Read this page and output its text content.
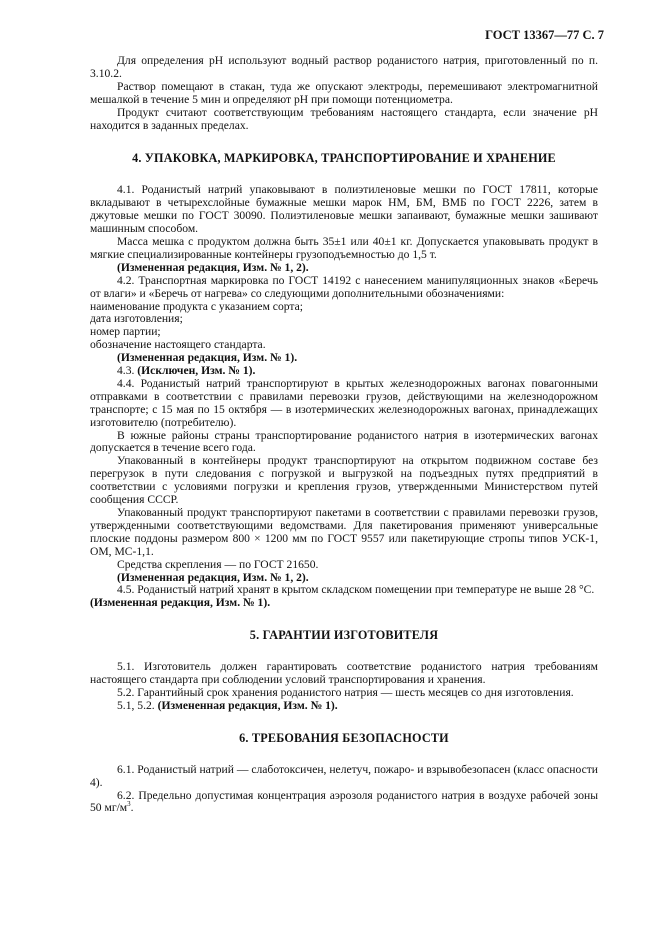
ГОСТ 13367—77 С. 7

Для определения pH используют водный раствор роданистого натрия, приготовленный по п. 3.10.2.

Раствор помещают в стакан, туда же опускают электроды, перемешивают электромагнитной мешалкой в течение 5 мин и определяют pH при помощи потенциометра.

Продукт считают соответствующим требованиям настоящего стандарта, если значение pH находится в заданных пределах.

4. УПАКОВКА, МАРКИРОВКА, ТРАНСПОРТИРОВАНИЕ И ХРАНЕНИЕ

4.1. Роданистый натрий упаковывают в полиэтиленовые мешки по ГОСТ 17811, которые вкладывают в четырехслойные бумажные мешки марок НМ, БМ, ВМБ по ГОСТ 2226, затем в джутовые мешки по ГОСТ 30090. Полиэтиленовые мешки запаивают, бумажные мешки зашивают машинным способом.

Масса мешка с продуктом должна быть 35±1 или 40±1 кг. Допускается упаковывать продукт в мягкие специализированные контейнеры грузоподъемностью до 1,5 т.

(Измененная редакция, Изм. № 1, 2).

4.2. Транспортная маркировка по ГОСТ 14192 с нанесением манипуляционных знаков «Беречь от влаги» и «Беречь от нагрева» со следующими дополнительными обозначениями:

наименование продукта с указанием сорта;

дата изготовления;

номер партии;

обозначение настоящего стандарта.

(Измененная редакция, Изм. № 1).

4.3. (Исключен, Изм. № 1).

4.4. Роданистый натрий транспортируют в крытых железнодорожных вагонах повагонными отправками в соответствии с правилами перевозки грузов, действующими на железнодорожном транспорте; с 15 мая по 15 октября — в изотермических железнодорожных вагонах, принадлежащих изготовителю (потребителю).

В южные районы страны транспортирование роданистого натрия в изотермических вагонах допускается в течение всего года.

Упакованный в контейнеры продукт транспортируют на открытом подвижном составе без перегрузок в пути следования с погрузкой и выгрузкой на подъездных путях предприятий в соответствии с условиями погрузки и крепления грузов, утвержденными Министерством путей сообщения СССР.

Упакованный продукт транспортируют пакетами в соответствии с правилами перевозки грузов, утвержденными соответствующими ведомствами. Для пакетирования применяют универсальные плоские поддоны размером 800 × 1200 мм по ГОСТ 9557 или пакетирующие стропы типов УСК-1, ОМ, МС-1,1.

Средства скрепления — по ГОСТ 21650.

(Измененная редакция, Изм. № 1, 2).

4.5. Роданистый натрий хранят в крытом складском помещении при температуре не выше 28 °С.

(Измененная редакция, Изм. № 1).

5. ГАРАНТИИ ИЗГОТОВИТЕЛЯ

5.1. Изготовитель должен гарантировать соответствие роданистого натрия требованиям настоящего стандарта при соблюдении условий транспортирования и хранения.

5.2. Гарантийный срок хранения роданистого натрия — шесть месяцев со дня изготовления.

5.1, 5.2. (Измененная редакция, Изм. № 1).

6. ТРЕБОВАНИЯ БЕЗОПАСНОСТИ

6.1. Роданистый натрий — слаботоксичен, нелетуч, пожаро- и взрывобезопасен (класс опасности 4).

6.2. Предельно допустимая концентрация аэрозоля роданистого натрия в воздухе рабочей зоны 50 $мг/м^3$.
